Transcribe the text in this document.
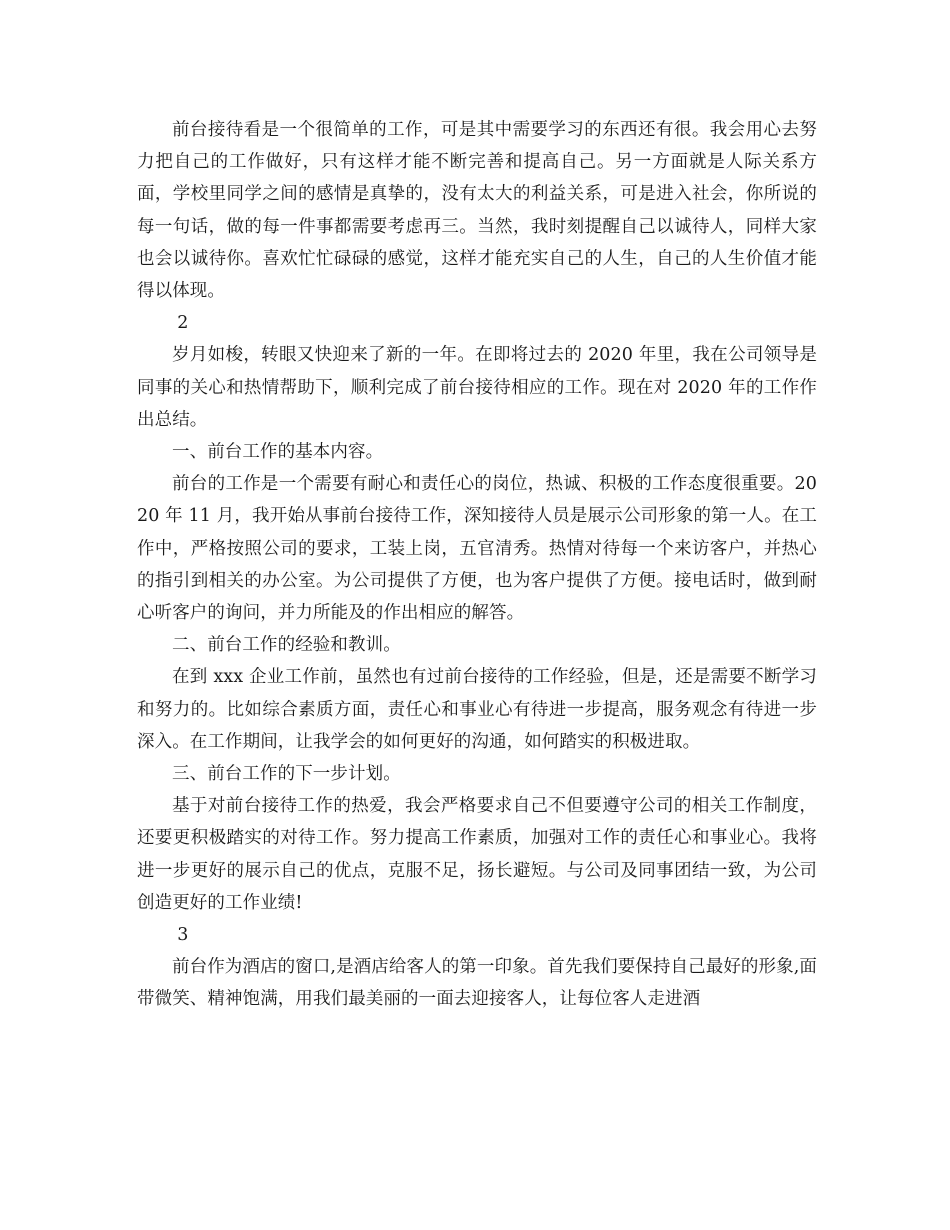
前台接待看是一个很简单的工作，可是其中需要学习的东西还有很。我会用心去努力把自己的工作做好，只有这样才能不断完善和提高自己。另一方面就是人际关系方面，学校里同学之间的感情是真挚的，没有太大的利益关系，可是进入社会，你所说的每一句话，做的每一件事都需要考虑再三。当然，我时刻提醒自己以诚待人，同样大家也会以诚待你。喜欢忙忙碌碌的感觉，这样才能充实自己的人生，自己的人生价值才能得以体现。

2

岁月如梭，转眼又快迎来了新的一年。在即将过去的 2020 年里，我在公司领导是同事的关心和热情帮助下，顺利完成了前台接待相应的工作。现在对 2020 年的工作作出总结。

一、前台工作的基本内容。

前台的工作是一个需要有耐心和责任心的岗位，热诚、积极的工作态度很重要。2020 年 11 月，我开始从事前台接待工作，深知接待人员是展示公司形象的第一人。在工作中，严格按照公司的要求，工装上岗，五官清秀。热情对待每一个来访客户，并热心的指引到相关的办公室。为公司提供了方便，也为客户提供了方便。接电话时，做到耐心听客户的询问，并力所能及的作出相应的解答。

二、前台工作的经验和教训。

在到 xxx 企业工作前，虽然也有过前台接待的工作经验，但是，还是需要不断学习和努力的。比如综合素质方面，责任心和事业心有待进一步提高，服务观念有待进一步深入。在工作期间，让我学会的如何更好的沟通，如何踏实的积极进取。

三、前台工作的下一步计划。

基于对前台接待工作的热爱，我会严格要求自己不但要遵守公司的相关工作制度，还要更积极踏实的对待工作。努力提高工作素质，加强对工作的责任心和事业心。我将进一步更好的展示自己的优点，克服不足，扬长避短。与公司及同事团结一致，为公司创造更好的工作业绩!

3

前台作为酒店的窗口,是酒店给客人的第一印象。首先我们要保持自己最好的形象,面带微笑、精神饱满，用我们最美丽的一面去迎接客人，让每位客人走进酒
